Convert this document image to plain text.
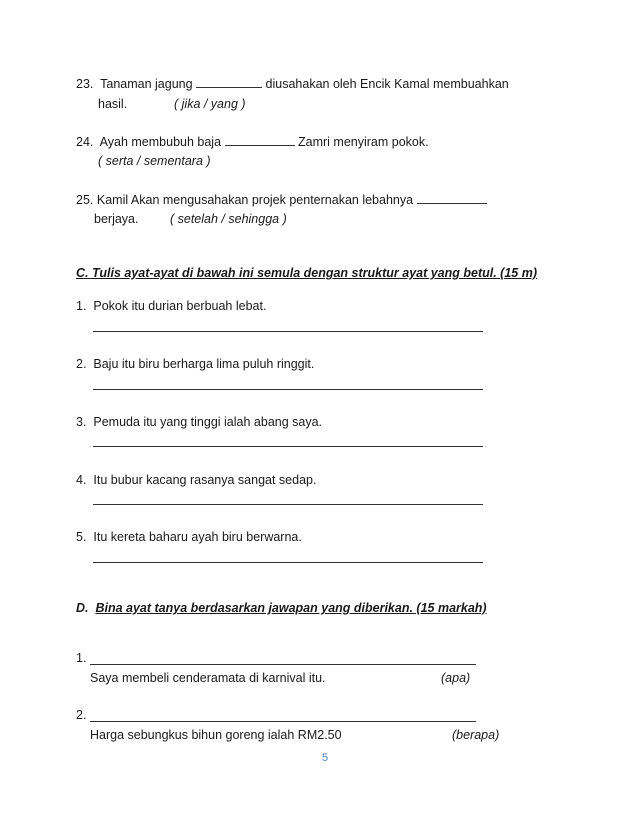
23. Tanaman jagung	diusahakan oleh Encik Kamal membuahkan
hasil.	( jika / yang )
24. Ayah membubuh baja	Zamri menyiram pokok.
( serta / sementara )
25. Kamil Akan mengusahakan projek penternakan lebahnya
berjaya.	( setelah / sehingga )
C. Tulis ayat-ayat di bawah ini semula dengan struktur ayat yang betul. (15 m)
1. Pokok itu durian berbuah lebat.
2. Baju itu biru berharga lima puluh ringgit.
3. Pemuda itu yang tinggi ialah abang saya.
4. Itu bubur kacang rasanya sangat sedap.
5. Itu kereta baharu ayah biru berwarna.
D. Bina ayat tanya berdasarkan jawapan yang diberikan. (15 markah)
1.
Saya membeli cenderamata di karnival itu.	(apa)
2.
Harga sebungkus bihun goreng ialah RM2.50	(berapa)
5
